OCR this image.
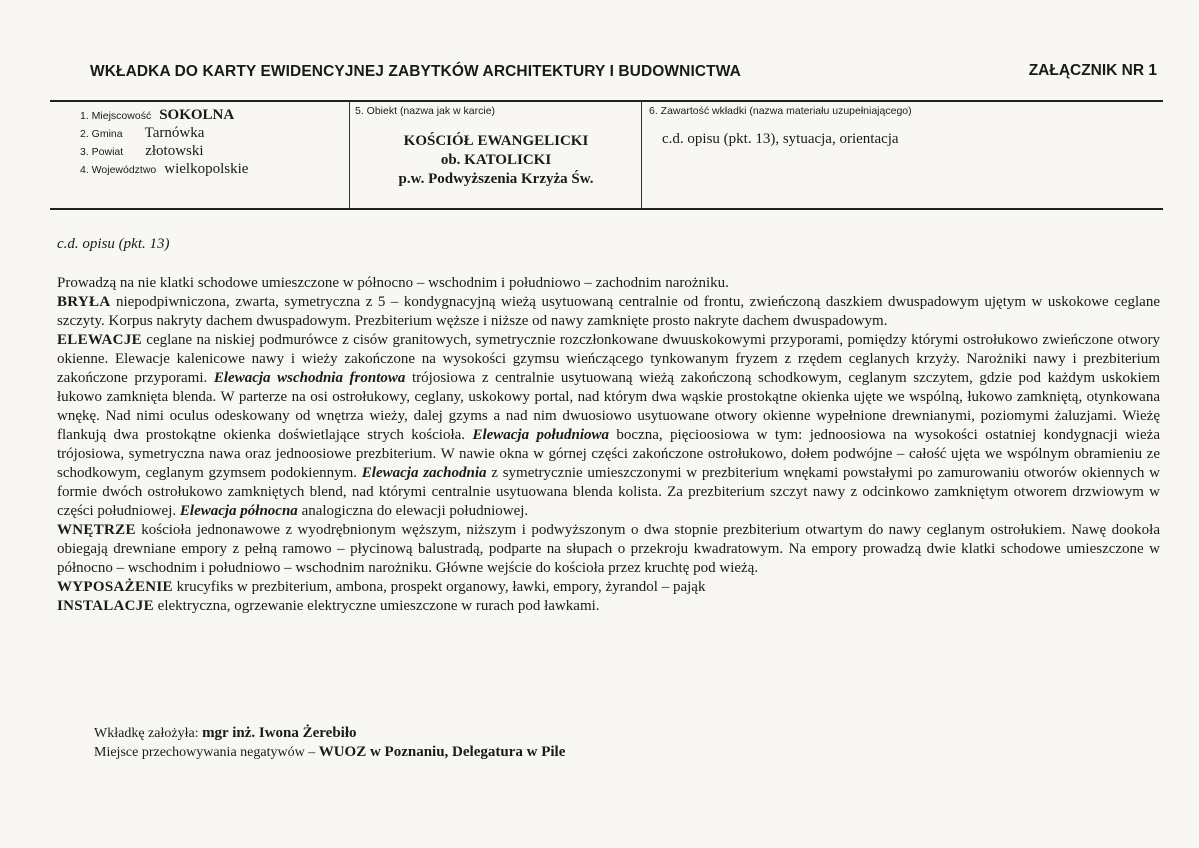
WKŁADKA DO KARTY EWIDENCYJNEJ ZABYTKÓW ARCHITEKTURY I BUDOWNICTWA	ZAŁĄCZNIK NR 1
1. Miejscowość SOKOLNA
2. Gmina Tarnówka
3. Powiat złotowski
4. Województwo wielkopolskie
5. Obiekt (nazwa jak w karcie)
KOŚCIÓŁ EWANGELICKI
ob. KATOLICKI
p.w. Podwyższenia Krzyża Św.
6. Zawartość wkładki (nazwa materiału uzupełniającego)
c.d. opisu (pkt. 13), sytuacja, orientacja
c.d. opisu (pkt. 13)

Prowadzą na nie klatki schodowe umieszczone w północno – wschodnim i południowo – zachodnim narożniku.

BRYŁA niepodpiwniczona, zwarta, symetryczna z 5 – kondygnacyjną wieżą usytuowaną centralnie od frontu, zwieńczoną daszkiem dwuspadowym ujętym w uskokowe ceglane szczyty. Korpus nakryty dachem dwuspadowym. Prezbiterium węższe i niższe od nawy zamknięte prosto nakryte dachem dwuspadowym.

ELEWACJE ceglane na niskiej podmurówce z cisów granitowych, symetrycznie rozczłonkowane dwuuskokowymi przyporami, pomiędzy którymi ostrołukowo zwieńczone otwory okienne. Elewacje kalenicowe nawy i wieży zakończone na wysokości gzymsu wieńczącego tynkowanym fryzem z rzędem ceglanych krzyży. Narożniki nawy i prezbiterium zakończone przyporami. Elewacja wschodnia frontowa trójosiowa z centralnie usytuowaną wieżą zakończoną schodkowym, ceglanym szczytem, gdzie pod każdym uskokiem łukowo zamknięta blenda. W parterze na osi ostrołukowy, ceglany, uskokowy portal, nad którym dwa wąskie prostokątne okienka ujęte we wspólną, łukowo zamkniętą, otynkowana wnękę. Nad nimi oculus odeskowany od wnętrza wieży, dalej gzyms a nad nim dwuosiowo usytuowane otwory okienne wypełnione drewnianymi, poziomymi żaluzjami. Wieżę flankują dwa prostokątne okienka doświetlające strych kościoła. Elewacja południowa boczna, pięcioosiowa w tym: jednoosiowa na wysokości ostatniej kondygnacji wieża trójosiowa, symetryczna nawa oraz jednoosiowe prezbiterium. W nawie okna w górnej części zakończone ostrołukowo, dołem podwójne – całość ujęta we wspólnym obramieniu ze schodkowym, ceglanym gzymsem podokiennym. Elewacja zachodnia z symetrycznie umieszczonymi w prezbiterium wnękami powstałymi po zamurowaniu otworów okiennych w formie dwóch ostrołukowo zamkniętych blend, nad którymi centralnie usytuowana blenda kolista. Za prezbiterium szczyt nawy z odcinkowo zamkniętym otworem drzwiowym w części południowej. Elewacja północna analogiczna do elewacji południowej.

WNĘTRZE kościoła jednonawowe z wyodrębnionym węższym, niższym i podwyższonym o dwa stopnie prezbiterium otwartym do nawy ceglanym ostrołukiem. Nawę dookoła obiegają drewniane empory z pełną ramowo – płycinową balustradą, podparte na słupach o przekroju kwadratowym. Na empory prowadzą dwie klatki schodowe umieszczone w północno – wschodnim i południowo – wschodnim narożniku. Główne wejście do kościoła przez kruchtę pod wieżą.

WYPOSAŻENIE krucyfiks w prezbiterium, ambona, prospekt organowy, ławki, empory, żyrandol – pająk

INSTALACJE elektryczna, ogrzewanie elektryczne umieszczone w rurach pod ławkami.

Wkładkę założyła: mgr inż. Iwona Żerebiło
Miejsce przechowywania negatywów – WUOZ w Poznaniu, Delegatura w Pile
